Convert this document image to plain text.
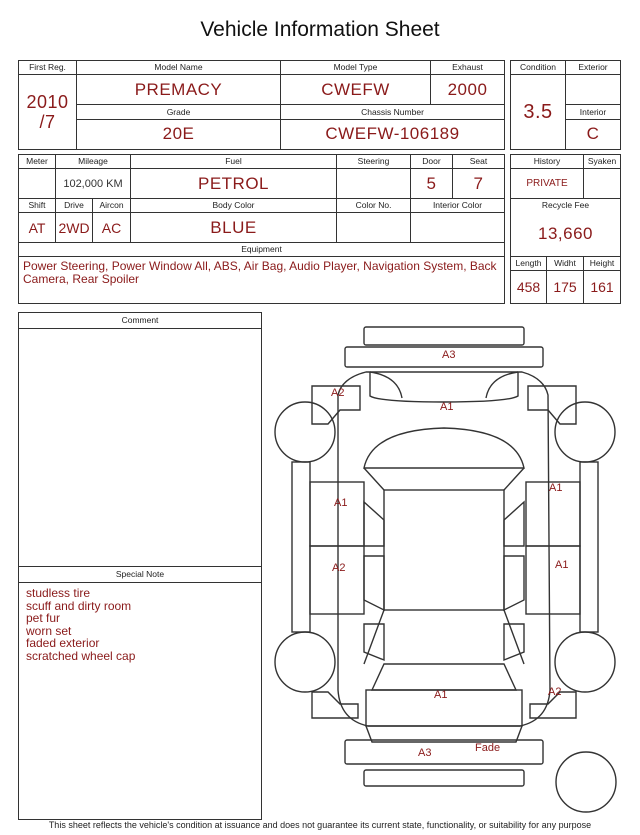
Vehicle Information Sheet
First Reg.	Model Name	Model Type	Exhaust

2010
/7	PREMACY	CWEFW	2000
	Grade	Chassis Number	
	20E	CWEFW-106189	
Condition	Exterior
3.5	
	Interior
	C
Meter	Mileage		Fuel	Steering	Door	Seat
	102,000 KM		PETROL		5	7
Shift	Drive	Aircon	Body Color	Color No.	Interior Color	
AT	2WD	AC	BLUE			
Equipment						
Power Steering, Power Window All, ABS, Air Bag, Audio Player, Navigation System, Back Camera, Rear Spoiler						
History		Syaken
PRIVATE		
Recycle Fee		
13,660		
Length	Widht	Height
458	175	161
Comment
Special Note
studless tire
scuff and dirty room
pet fur
worn set
faded exterior
scratched wheel cap
A3
A1
A2
A1
A2
A1
A1
A1	A2
A3	Fade
This sheet reflects the vehicle's condition at issuance and does not guarantee its current state, functionality, or suitability for any purpose
